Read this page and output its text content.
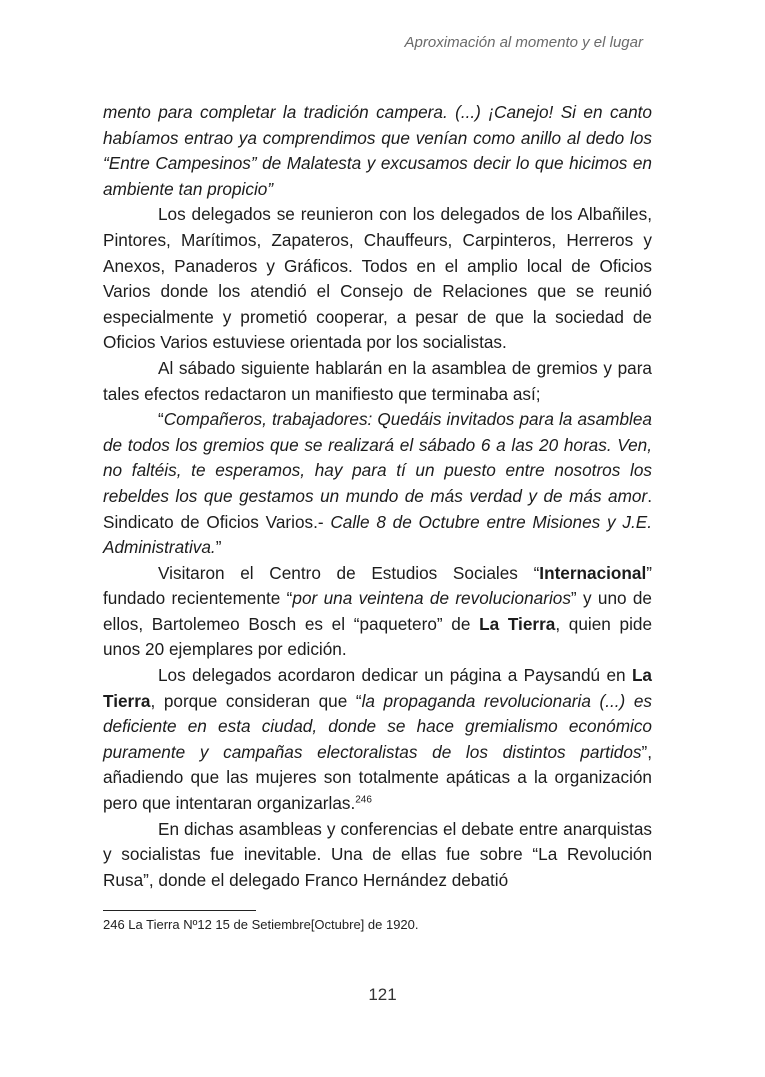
Aproximación al momento y el lugar

mento para completar la tradición campera. (...) ¡Canejo! Si en canto habíamos entrao ya comprendimos que venían como anillo al dedo los “Entre Campesinos” de Malatesta y excusamos decir lo que hicimos en ambiente tan propicio”

Los delegados se reunieron con los delegados de los Albañiles, Pintores, Marítimos, Zapateros, Chauffeurs, Carpinteros, Herreros y Anexos, Panaderos y Gráficos. Todos en el amplio local de Oficios Varios donde los atendió el Consejo de Relaciones que se reunió especialmente y prometió cooperar, a pesar de que la sociedad de Oficios Varios estuviese orientada por los socialistas.

Al sábado siguiente hablarán en la asamblea de gremios y para tales efectos redactaron un manifiesto que terminaba así;

“Compañeros, trabajadores: Quedáis invitados para la asamblea de todos los gremios que se realizará el sábado 6 a las 20 horas. Ven, no faltéis, te esperamos, hay para tí un puesto entre nosotros los rebeldes los que gestamos un mundo de más verdad y de más amor. Sindicato de Oficios Varios.- Calle 8 de Octubre entre Misiones y J.E. Administrativa.”

Visitaron el Centro de Estudios Sociales “Internacional” fundado recientemente “por una veintena de revolucionarios” y uno de ellos, Bartolemeo Bosch es el “paquetero” de La Tierra, quien pide unos 20 ejemplares por edición.

Los delegados acordaron dedicar un página a Paysandú en La Tierra, porque consideran que “la propaganda revolucionaria (...) es deficiente en esta ciudad, donde se hace gremialismo económico puramente y campañas electoralistas de los distintos partidos”, añadiendo que las mujeres son totalmente apáticas a la organización pero que intentaran organizarlas.$^{246}$

En dichas asambleas y conferencias el debate entre anarquistas y socialistas fue inevitable. Una de ellas fue sobre “La Revolución Rusa”, donde el delegado Franco Hernández debatió

246 La Tierra Nº12 15 de Setiembre[Octubre] de 1920.
121
